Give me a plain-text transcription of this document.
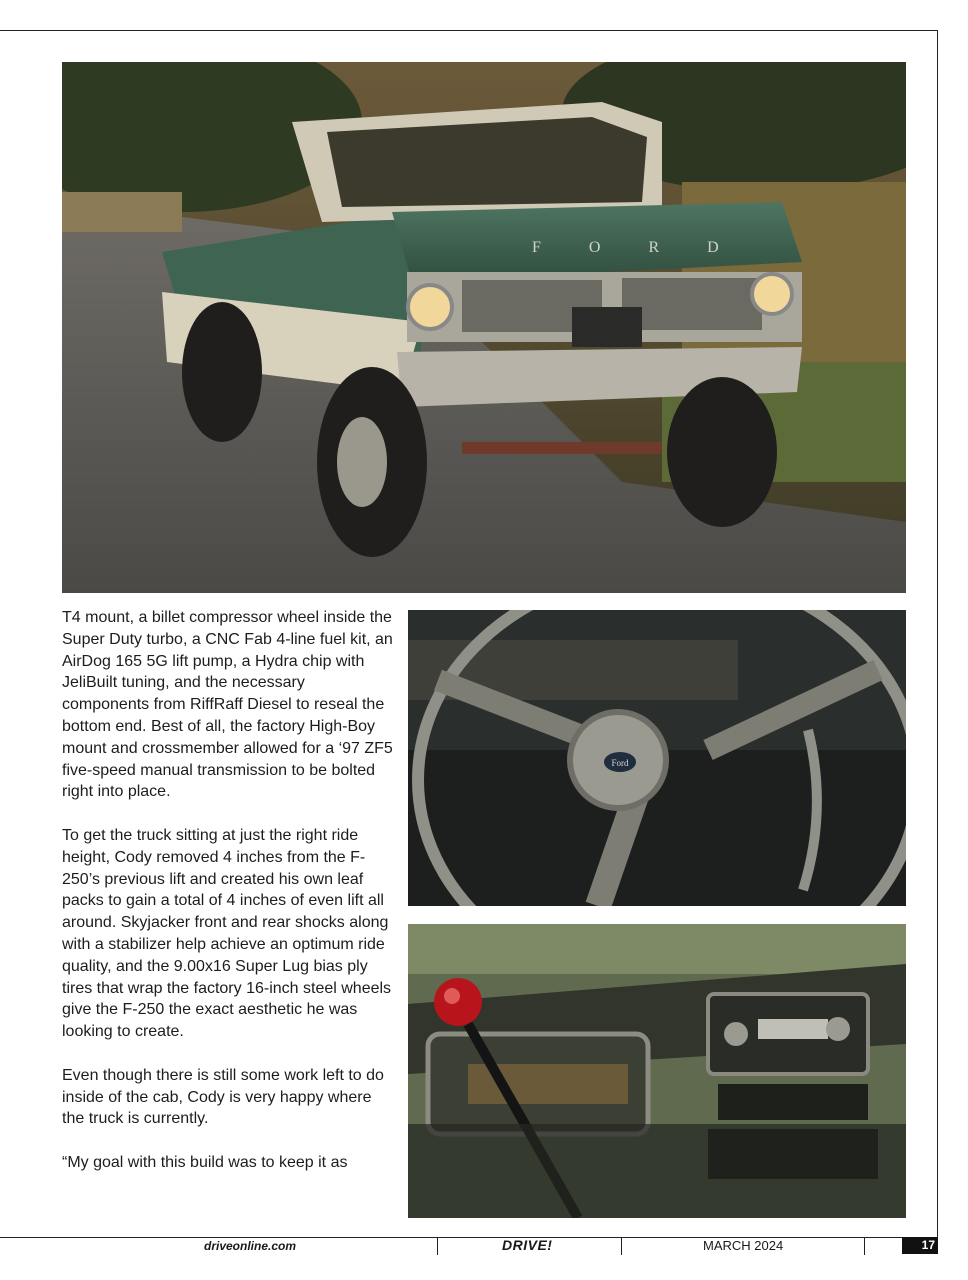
F O R D

T4 mount, a billet compressor wheel inside the Super Duty turbo, a CNC Fab 4-line fuel kit, an AirDog 165 5G lift pump, a Hydra chip with JeliBuilt tuning, and the necessary components from RiffRaff Diesel to reseal the bottom end. Best of all, the factory High-Boy mount and crossmember allowed for a ‘97 ZF5 five-speed manual transmission to be bolted right into place.

To get the truck sitting at just the right ride height, Cody removed 4 inches from the F-250’s previous lift and created his own leaf packs to gain a total of 4 inches of even lift all around. Skyjacker front and rear shocks along with a stabilizer help achieve an optimum ride quality, and the 9.00x16 Super Lug bias ply tires that wrap the factory 16-inch steel wheels give the F-250 the exact aesthetic he was looking to create.

Even though there is still some work left to do inside of the cab, Cody is very happy where the truck is currently.

“My goal with this build was to keep it as

Ford
driveonline.com	DRIVE!	MARCH 2024	17
